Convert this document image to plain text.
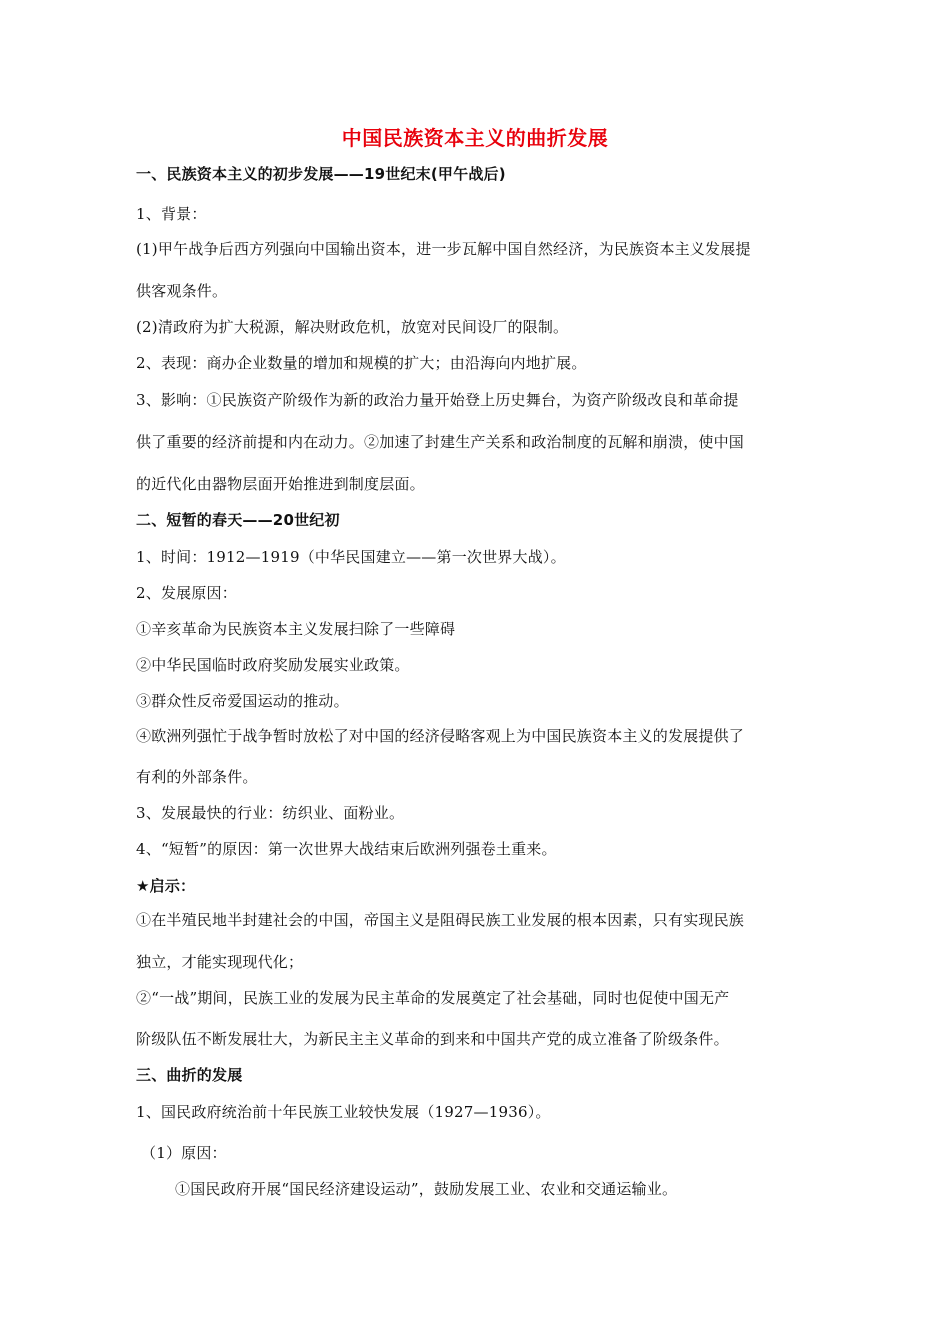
中国民族资本主义的曲折发展
一、民族资本主义的初步发展——19世纪末(甲午战后)
1、背景：
(1)甲午战争后西方列强向中国输出资本，进一步瓦解中国自然经济，为民族资本主义发展提
供客观条件。
(2)清政府为扩大税源，解决财政危机，放宽对民间设厂的限制。
2、表现：商办企业数量的增加和规模的扩大；由沿海向内地扩展。
3、影响：①民族资产阶级作为新的政治力量开始登上历史舞台，为资产阶级改良和革命提
供了重要的经济前提和内在动力。②加速了封建生产关系和政治制度的瓦解和崩溃，使中国
的近代化由器物层面开始推进到制度层面。
二、短暂的春天——20世纪初
1、时间：1912—1919（中华民国建立——第一次世界大战）。
2、发展原因：
①辛亥革命为民族资本主义发展扫除了一些障碍
②中华民国临时政府奖励发展实业政策。
③群众性反帝爱国运动的推动。
④欧洲列强忙于战争暂时放松了对中国的经济侵略客观上为中国民族资本主义的发展提供了
有利的外部条件。
3、发展最快的行业：纺织业、面粉业。
4、“短暂”的原因：第一次世界大战结束后欧洲列强卷土重来。
★启示：
①在半殖民地半封建社会的中国，帝国主义是阻碍民族工业发展的根本因素，只有实现民族
独立，才能实现现代化；
②“一战”期间，民族工业的发展为民主革命的发展奠定了社会基础，同时也促使中国无产
阶级队伍不断发展壮大，为新民主主义革命的到来和中国共产党的成立准备了阶级条件。
三、曲折的发展
1、国民政府统治前十年民族工业较快发展（1927—1936）。
（1）原因：
①国民政府开展“国民经济建设运动”，鼓励发展工业、农业和交通运输业。
